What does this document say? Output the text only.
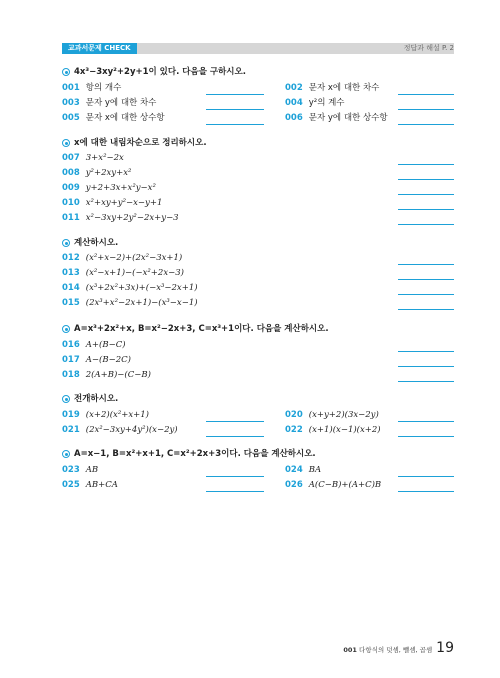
교과서문제 CHECK	정답과 해설 P. 2
4x³−3xy²+2y+1이 있다. 다음을 구하시오.
001 항의 개수	002 문자 x에 대한 차수
003 문자 y에 대한 차수	004 y²의 계수
005 문자 x에 대한 상수항	006 문자 y에 대한 상수항
x에 대한 내림차순으로 정리하시오.
007 3+x²−2x
008 y²+2xy+x²
009 y+2+3x+x²y−x²
010 x²+xy+y²−x−y+1
011 x²−3xy+2y²−2x+y−3
계산하시오.
012 (x²+x−2)+(2x²−3x+1)
013 (x²−x+1)−(−x²+2x−3)
014 (x³+2x²+3x)+(−x³−2x+1)
015 (2x³+x²−2x+1)−(x³−x−1)
A=x³+2x²+x, B=x²−2x+3, C=x³+1이다. 다음을 계산하시오.
016 A+(B−C)
017 A−(B−2C)
018 2(A+B)−(C−B)
전개하시오.
019 (x+2)(x²+x+1)	020 (x+y+2)(3x−2y)
021 (2x²−3xy+4y²)(x−2y)	022 (x+1)(x−1)(x+2)
A=x−1, B=x²+x+1, C=x²+2x+3이다. 다음을 계산하시오.
023 AB	024 BA
025 AB+CA	026 A(C−B)+(A+C)B
001 다항식의 덧셈, 뺄셈, 곱셈 19
